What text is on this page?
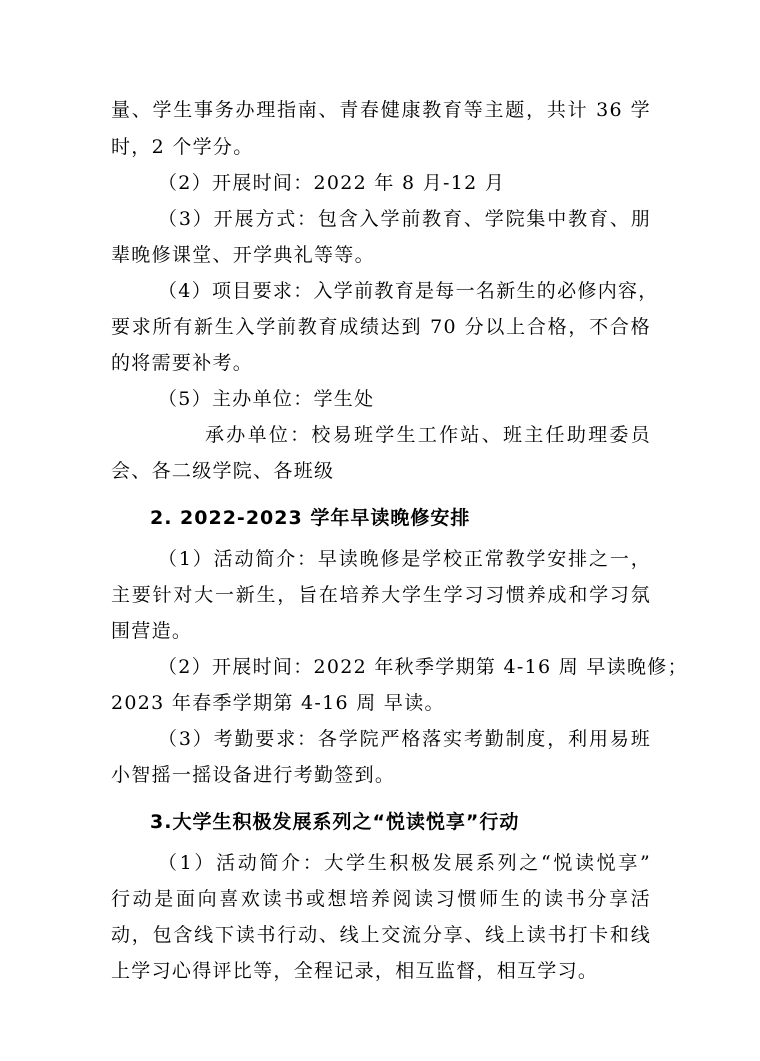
量、学生事务办理指南、青春健康教育等主题，共计 36 学
时，2 个学分。
（2）开展时间：2022 年 8 月-12 月
（3）开展方式：包含入学前教育、学院集中教育、朋
辈晚修课堂、开学典礼等等。
（4）项目要求：入学前教育是每一名新生的必修内容，
要求所有新生入学前教育成绩达到 70 分以上合格，不合格
的将需要补考。
（5）主办单位：学生处
承办单位：校易班学生工作站、班主任助理委员
会、各二级学院、各班级
2. 2022-2023 学年早读晚修安排
（1）活动简介：早读晚修是学校正常教学安排之一，
主要针对大一新生，旨在培养大学生学习习惯养成和学习氛
围营造。
（2）开展时间：2022 年秋季学期第 4-16 周 早读晚修；
2023 年春季学期第 4-16 周 早读。
（3）考勤要求：各学院严格落实考勤制度，利用易班
小智摇一摇设备进行考勤签到。
3.大学生积极发展系列之“悦读悦享”行动
（1）活动简介：大学生积极发展系列之“悦读悦享”
行动是面向喜欢读书或想培养阅读习惯师生的读书分享活
动，包含线下读书行动、线上交流分享、线上读书打卡和线
上学习心得评比等，全程记录，相互监督，相互学习。
